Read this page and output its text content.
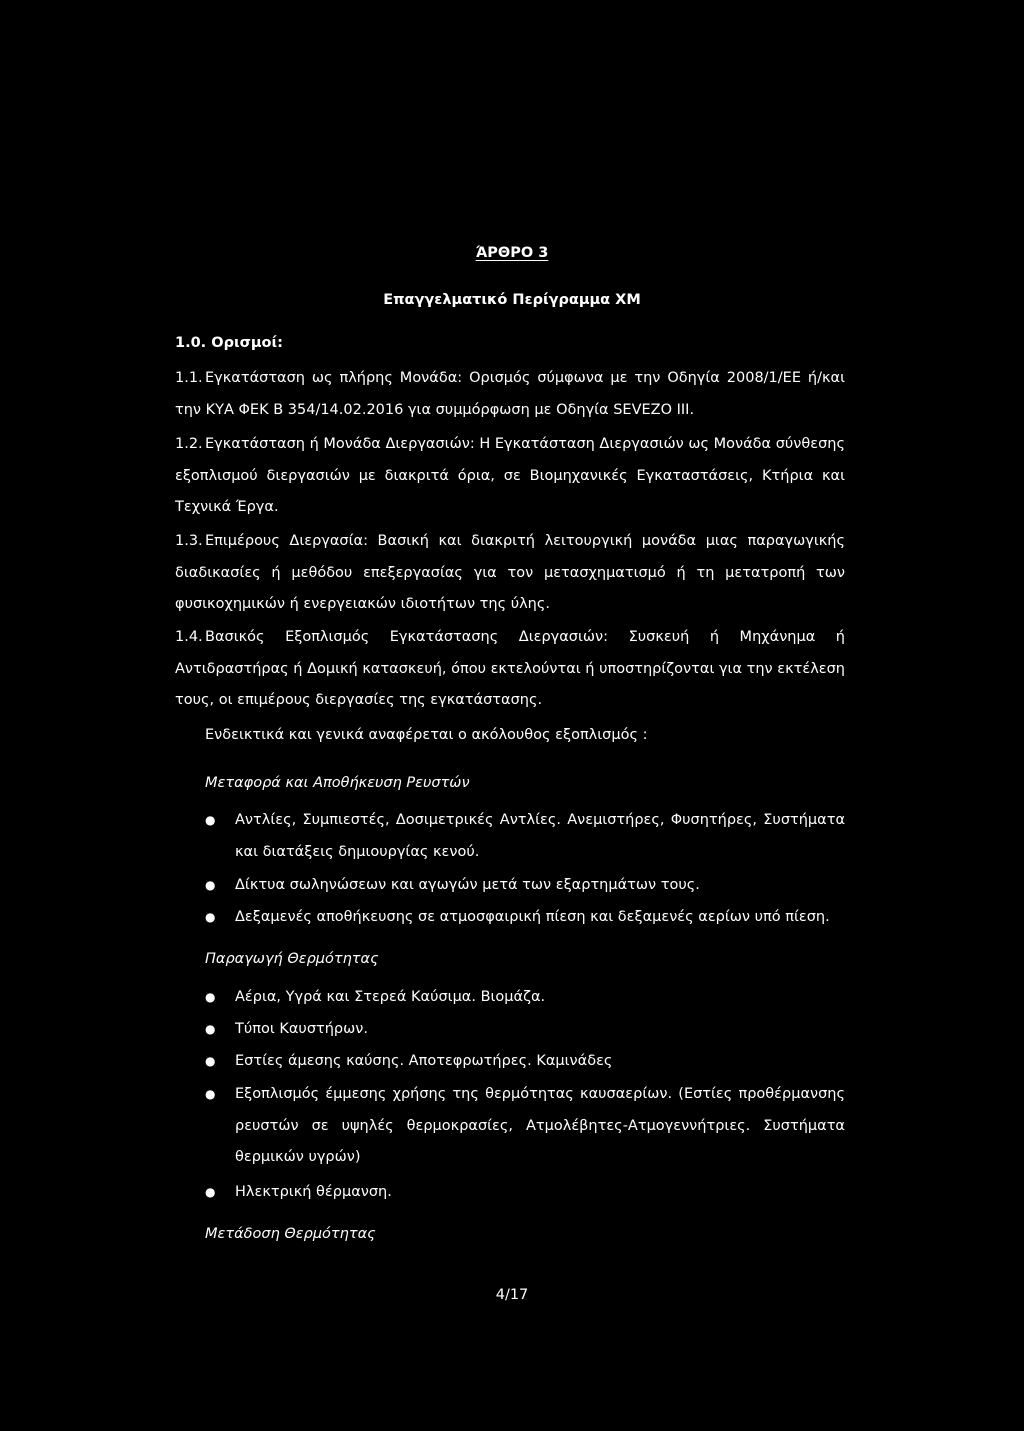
ΆΡΘΡΟ 3
Επαγγελματικό Περίγραμμα ΧΜ
1.0. Ορισμοί:
1.1. Εγκατάσταση ως πλήρης Μονάδα: Ορισμός σύμφωνα με την Οδηγία 2008/1/ΕΕ ή/και την ΚΥΑ ΦΕΚ Β 354/14.02.2016 για συμμόρφωση με Οδηγία SEVEZO III.
1.2. Εγκατάσταση ή Μονάδα Διεργασιών: Η Εγκατάσταση Διεργασιών ως Μονάδα σύνθεσης εξοπλισμού διεργασιών με διακριτά όρια, σε Βιομηχανικές Εγκαταστάσεις, Κτήρια και Τεχνικά Έργα.
1.3. Επιμέρους Διεργασία: Βασική και διακριτή λειτουργική μονάδα μιας παραγωγικής διαδικασίες ή μεθόδου επεξεργασίας για τον μετασχηματισμό ή τη μετατροπή των φυσικοχημικών ή ενεργειακών ιδιοτήτων της ύλης.
1.4. Βασικός Εξοπλισμός Εγκατάστασης Διεργασιών: Συσκευή ή Μηχάνημα ή Αντιδραστήρας ή Δομική κατασκευή, όπου εκτελούνται ή υποστηρίζονται για την εκτέλεση τους, οι επιμέρους διεργασίες της εγκατάστασης.
Ενδεικτικά και γενικά αναφέρεται ο ακόλουθος εξοπλισμός :
Μεταφορά και Αποθήκευση Ρευστών
● Αντλίες, Συμπιεστές, Δοσιμετρικές Αντλίες. Ανεμιστήρες, Φυσητήρες, Συστήματα και διατάξεις δημιουργίας κενού.
● Δίκτυα σωληνώσεων και αγωγών μετά των εξαρτημάτων τους.
● Δεξαμενές αποθήκευσης σε ατμοσφαιρική πίεση και δεξαμενές αερίων υπό πίεση.
Παραγωγή Θερμότητας
● Αέρια, Υγρά και Στερεά Καύσιμα. Βιομάζα.
● Τύποι Καυστήρων.
● Εστίες άμεσης καύσης. Αποτεφρωτήρες. Καμινάδες
● Εξοπλισμός έμμεσης χρήσης της θερμότητας καυσαερίων. (Εστίες προθέρμανσης ρευστών σε υψηλές θερμοκρασίες, Ατμολέβητες-Ατμογεννήτριες. Συστήματα θερμικών υγρών)
● Ηλεκτρική θέρμανση.
Μετάδοση Θερμότητας
4/17
